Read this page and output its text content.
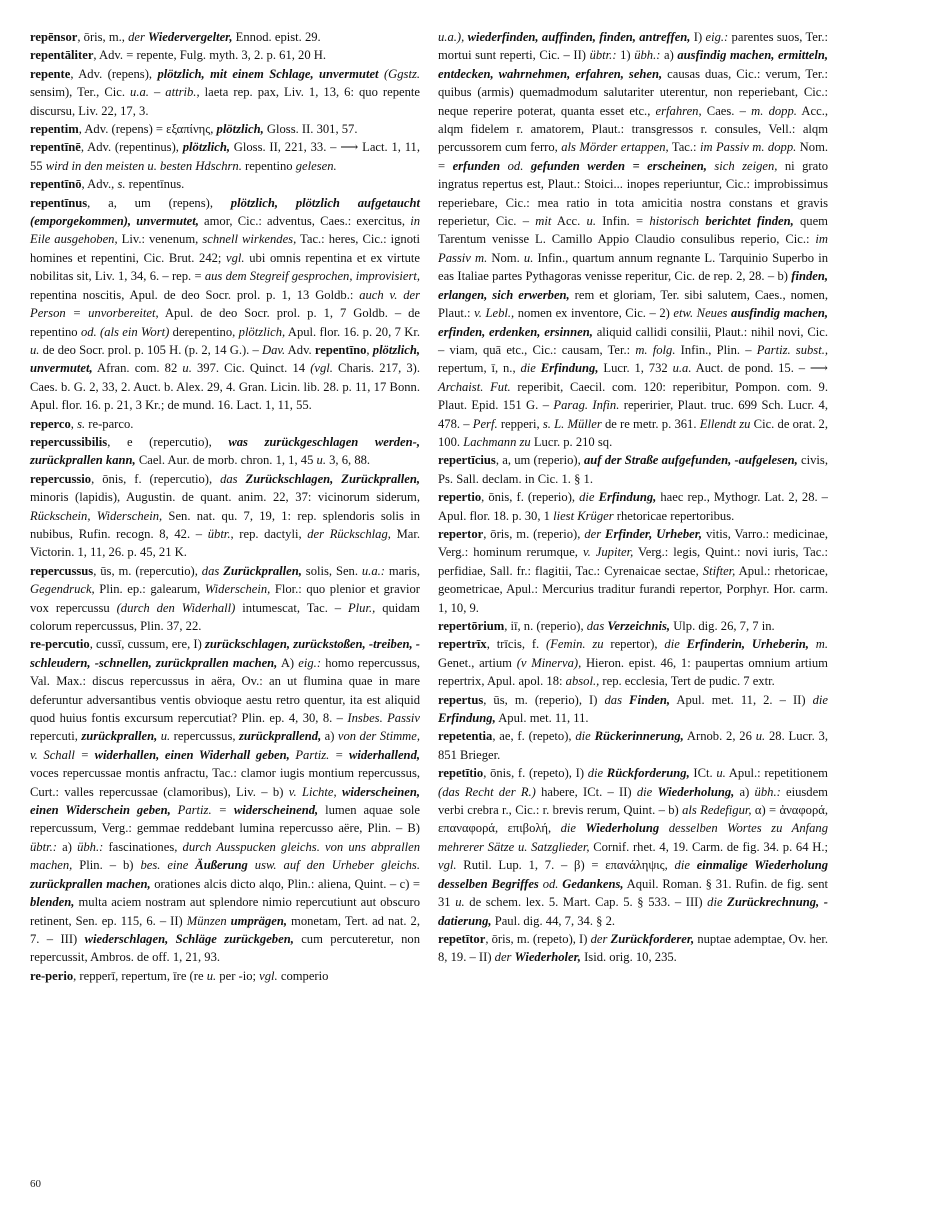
repēnsor, ōris, m., der Wiedervergelter, Ennod. epist. 29.
repentāliter, Adv. = repente, Fulg. myth. 3, 2. p. 61, 20 H.
repente, Adv. (repens), plötzlich, mit einem Schlage, unvermutet (Ggstz. sensim), Ter., Cic. u.a. – attrib., laeta rep. pax, Liv. 1, 13, 6: quo repente discursu, Liv. 22, 17, 3.
repentim, Adv. (repens) = εξαπίνης, plötzlich, Gloss. II. 301, 57.
repentīnē, Adv. (repentinus), plötzlich, Gloss. II, 221, 33. – ⟶ Lact. 1, 11, 55 wird in den meisten u. besten Hdschrn. repentino gelesen.
repentīnō, Adv., s. repentīnus.
repentīnus, a, um (repens), plötzlich, plötzlich aufgetaucht (emporgekommen), unvermutet, amor, Cic.: adventus, Caes.: exercitus, in Eile ausgehoben, Liv.: venenum, schnell wirkendes, Tac.: heres, Cic.: ignoti homines et repentini, Cic. Brut. 242; vgl. ubi omnis repentina et ex virtute nobilitas sit, Liv. 1, 34, 6. – rep. = aus dem Stegreif gesprochen, improvisiert, repentina noscitis, Apul. de deo Socr. prol. p. 1, 13 Goldb.: auch v. der Person = unvorbereitet, Apul. de deo Socr. prol. p. 1, 7 Goldb. – de repentino od. (als ein Wort) derepentino, plötzlich, Apul. flor. 16. p. 20, 7 Kr. u. de deo Socr. prol. p. 105 H. (p. 2, 14 G.). – Dav. Adv. repentīno, plötzlich, unvermutet, Afran. com. 82 u. 397. Cic. Quinct. 14 (vgl. Charis. 217, 3). Caes. b. G. 2, 33, 2. Auct. b. Alex. 29, 4. Gran. Licin. lib. 28. p. 11, 17 Bonn. Apul. flor. 16. p. 21, 3 Kr.; de mund. 16. Lact. 1, 11, 55.
reperco, s. re-parco.
repercussibilis, e (repercutio), was zurückgeschlagen werden-, zurückprallen kann, Cael. Aur. de morb. chron. 1, 1, 45 u. 3, 6, 88.
repercussio, ōnis, f. (repercutio), das Zurückschlagen, Zurückprallen, minoris (lapidis), Augustin. de quant. anim. 22, 37: vicinorum siderum, Rückschein, Widerschein, Sen. nat. qu. 7, 19, 1: rep. splendoris solis in nubibus, Rufin. recogn. 8, 42. – übtr., rep. dactyli, der Rückschlag, Mar. Victorin. 1, 11, 26. p. 45, 21 K.
repercussus, ūs, m. (repercutio), das Zurückprallen, solis, Sen. u.a.: maris, Gegendruck, Plin. ep.: galearum, Widerschein, Flor.: quo plenior et gravior vox repercussu (durch den Widerhall) intumescat, Tac. – Plur., quidam colorum repercussus, Plin. 37, 22.
re-percutio, cussī, cussum, ere, I) zurückschlagen, zurückstoßen, -treiben, -schleudern, -schnellen, zurückprallen machen, A) eig.: homo repercussus, Val. Max.: discus repercussus in aëra, Ov.: an ut flumina quae in mare deferuntur adversantibus ventis obvioque aestu retro quentur, ita est aliquid quod huius fontis excursum repercutiat? Plin. ep. 4, 30, 8. – Insbes. Passiv repercuti, zurückprallen, u. repercussus, zurückprallend, a) von der Stimme, v. Schall = widerhallen, einen Widerhall geben, Partiz. = widerhallend, voces repercussae montis anfractu, Tac.: clamor iugis montium repercussus, Curt.: valles repercussae (clamoribus), Liv. – b) v. Lichte, widerscheinen, einen Widerschein geben, Partiz. = widerscheinend, lumen aquae sole repercussum, Verg.: gemmae reddebant lumina repercusso aëre, Plin. – B) übtr.: a) übh.: fascinationes, durch Ausspucken gleichs. von uns abprallen machen, Plin. – b) bes. eine Äußerung usw. auf den Urheber gleichs. zurückprallen machen, orationes alcis dicto alqo, Plin.: aliena, Quint. – c) = blenden, multa aciem nostram aut splendore nimio repercutiunt aut obscuro retinent, Sen. ep. 115, 6. – II) Münzen umprägen, monetam, Tert. ad nat. 2, 7. – III) wiederschlagen, Schläge zurückgeben, cum percuteretur, non repercussit, Ambros. de off. 1, 21, 93.
re-perio, repperī, repertum, īre (re u. per -io; vgl. comperio
u.a.), wiederfinden, auffinden, finden, antreffen, I) eig.: parentes suos, Ter.: mortui sunt reperti, Cic. – II) übtr.: 1) übh.: a) ausfindig machen, ermitteln, entdecken, wahrnehmen, erfahren, sehen, causas duas, Cic.: verum, Ter.: quibus (armis) quemadmodum salutariter uterentur, non reperiebant, Cic.: neque reperire poterat, quanta esset etc., erfahren, Caes. – m. dopp. Acc., alqm fidelem r. amatorem, Plaut.: transgressos r. consules, Vell.: alqm percussorem cum ferro, als Mörder ertappen, Tac.: im Passiv m. dopp. Nom. = erfunden od. gefunden werden = erscheinen, sich zeigen, ni grato ingratus repertus est, Plaut.: Stoici... inopes reperiuntur, Cic.: improbissimus reperiebare, Cic.: mea ratio in tota amicitia nostra constans et gravis reperietur, Cic. – mit Acc. u. Infin. = historisch berichtet finden, quem Tarentum venisse L. Camillo Appio Claudio consulibus reperio, Cic.: im Passiv m. Nom. u. Infin., quartum annum regnante L. Tarquinio Superbo in eas Italiae partes Pythagoras venisse reperitur, Cic. de rep. 2, 28. – b) finden, erlangen, sich erwerben, rem et gloriam, Ter. sibi salutem, Caes., nomen, Plaut.: v. Lebl., nomen ex inventore, Cic. – 2) etw. Neues ausfindig machen, erfinden, erdenken, ersinnen, aliquid callidi consilii, Plaut.: nihil novi, Cic. – viam, quā etc., Cic.: causam, Ter.: m. folg. Infin., Plin. – Partiz. subst., repertum, ī, n., die Erfindung, Lucr. 1, 732 u.a. Auct. de pond. 15. – ⟶ Archaist. Fut. reperibit, Caecil. com. 120: reperibitur, Pompon. com. 9. Plaut. Epid. 151 G. – Parag. Infin. reperirier, Plaut. truc. 699 Sch. Lucr. 4, 478. – Perf. repperi, s. L. Müller de re metr. p. 361. Ellendt zu Cic. de orat. 2, 100. Lachmann zu Lucr. p. 210 sq.
repertīcius, a, um (reperio), auf der Straße aufgefunden, -aufgelesen, civis, Ps. Sall. declam. in Cic. 1. § 1.
repertio, ōnis, f. (reperio), die Erfindung, haec rep., Mythogr. Lat. 2, 28. – Apul. flor. 18. p. 30, 1 liest Krüger rhetoricae repertoribus.
repertor, ōris, m. (reperio), der Erfinder, Urheber, vitis, Varro.: medicinae, Verg.: hominum rerumque, v. Jupiter, Verg.: legis, Quint.: novi iuris, Tac.: perfidiae, Sall. fr.: flagitii, Tac.: Cyrenaicae sectae, Stifter, Apul.: rhetoricae, geometricae, Apul.: Mercurius traditur furandi repertor, Porphyr. Hor. carm. 1, 10, 9.
repertōrium, iī, n. (reperio), das Verzeichnis, Ulp. dig. 26, 7, 7 in.
repertrīx, trīcis, f. (Femin. zu repertor), die Erfinderin, Urheberin, m. Genet., artium (v Minerva), Hieron. epist. 46, 1: paupertas omnium artium repertrix, Apul. apol. 18: absol., rep. ecclesia, Tert de pudic. 7 extr.
repertus, ūs, m. (reperio), I) das Finden, Apul. met. 11, 2. – II) die Erfindung, Apul. met. 11, 11.
repetentia, ae, f. (repeto), die Rückerinnerung, Arnob. 2, 26 u. 28. Lucr. 3, 851 Brieger.
repetītio, ōnis, f. (repeto), I) die Rückforderung, ICt. u. Apul.: repetitionem (das Recht der R.) habere, ICt. – II) die Wiederholung, a) übh.: eiusdem verbi crebra r., Cic.: r. brevis rerum, Quint. – b) als Redefigur, α) = ἀναφορά, επαναφορά, επιβολή, die Wiederholung desselben Wortes zu Anfang mehrerer Sätze u. Satzglieder, Cornif. rhet. 4, 19. Carm. de fig. 34. p. 64 H.; vgl. Rutil. Lup. 1, 7. – β) = επανάληψις, die einmalige Wiederholung desselben Begriffes od. Gedankens, Aquil. Roman. § 31. Rufin. de fig. sent 31 u. de schem. lex. 5. Mart. Cap. 5. § 533. – III) die Zurückrechnung, -datierung, Paul. dig. 44, 7, 34. § 2.
repetītor, ōris, m. (repeto), I) der Zurückforderer, nuptae ademptae, Ov. her. 8, 19. – II) der Wiederholer, Isid. orig. 10, 235.
60
